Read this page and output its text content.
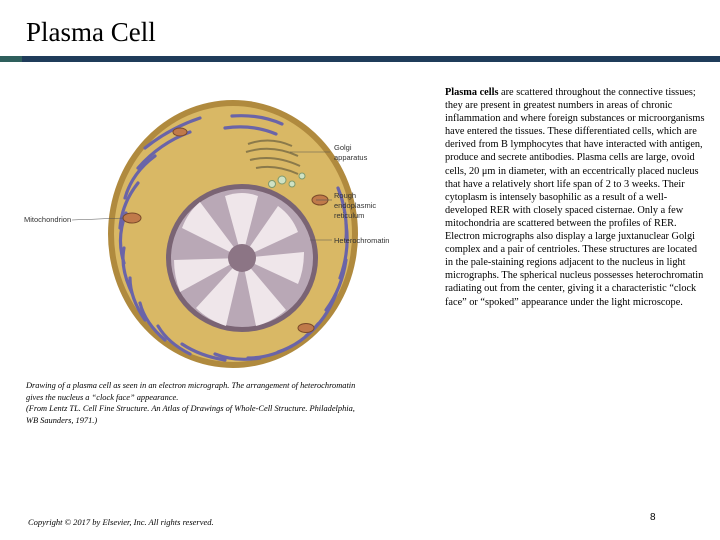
Plasma Cell
Golgi
apparatus
Rough
endoplasmic
reticulum
Heterochromatin
Mitochondrion

Plasma cells are scattered throughout the connective tissues; they are present in greatest numbers in areas of chronic inflammation and where foreign substances or microorganisms have entered the tissues. These differentiated cells, which are derived from B lymphocytes that have interacted with antigen, produce and secrete antibodies. Plasma cells are large, ovoid cells, 20 μm in diameter, with an eccentrically placed nucleus that have a relatively short life span of 2 to 3 weeks. Their cytoplasm is intensely basophilic as a result of a well-developed RER with closely spaced cisternae. Only a few mitochondria are scattered between the profiles of RER. Electron micrographs also display a large juxtanuclear Golgi complex and a pair of centrioles. These structures are located in the pale-staining regions adjacent to the nucleus in light micrographs. The spherical nucleus possesses heterochromatin radiating out from the center, giving it a characteristic “clock face” or “spoked” appearance under the light microscope.

Drawing of a plasma cell as seen in an electron micrograph. The arrangement of heterochromatin gives the nucleus a “clock face” appearance.
(From Lentz TL. Cell Fine Structure. An Atlas of Drawings of Whole-Cell Structure. Philadelphia, WB Saunders, 1971.)

Copyright © 2017 by Elsevier, Inc. All rights reserved.	8
